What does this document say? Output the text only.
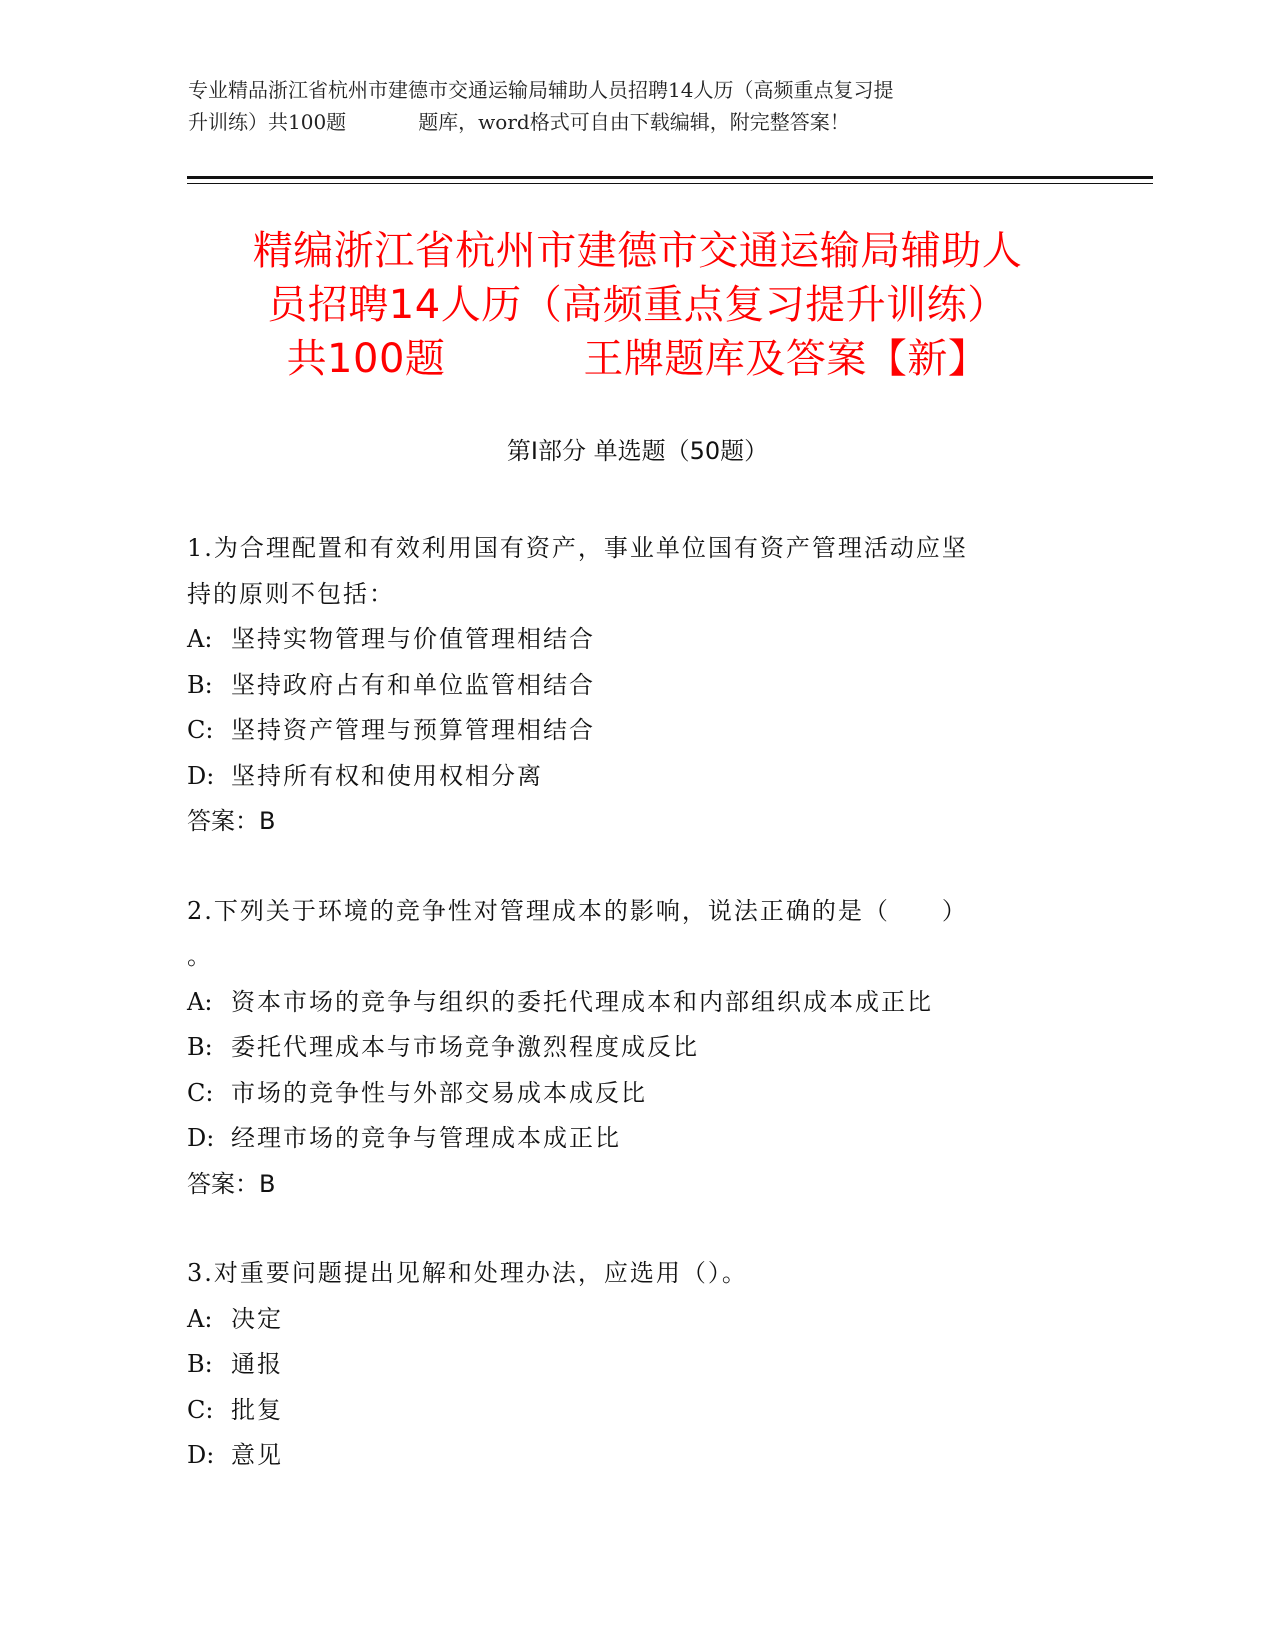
专业精品浙江省杭州市建德市交通运输局辅助人员招聘14人历（高频重点复习提
升训练）共100题	题库，word格式可自由下载编辑，附完整答案！
精编浙江省杭州市建德市交通运输局辅助人
员招聘14人历（高频重点复习提升训练）
共100题	王牌题库及答案【新】
第Ⅰ部分 单选题（50题）
1.为合理配置和有效利用国有资产，事业单位国有资产管理活动应坚
持的原则不包括：
A: 坚持实物管理与价值管理相结合
B: 坚持政府占有和单位监管相结合
C: 坚持资产管理与预算管理相结合
D: 坚持所有权和使用权相分离
答案：B
2.下列关于环境的竞争性对管理成本的影响，说法正确的是（　　）
。
A: 资本市场的竞争与组织的委托代理成本和内部组织成本成正比
B: 委托代理成本与市场竞争激烈程度成反比
C: 市场的竞争性与外部交易成本成反比
D: 经理市场的竞争与管理成本成正比
答案：B
3.对重要问题提出见解和处理办法，应选用（）。
A: 决定
B: 通报
C: 批复
D: 意见
